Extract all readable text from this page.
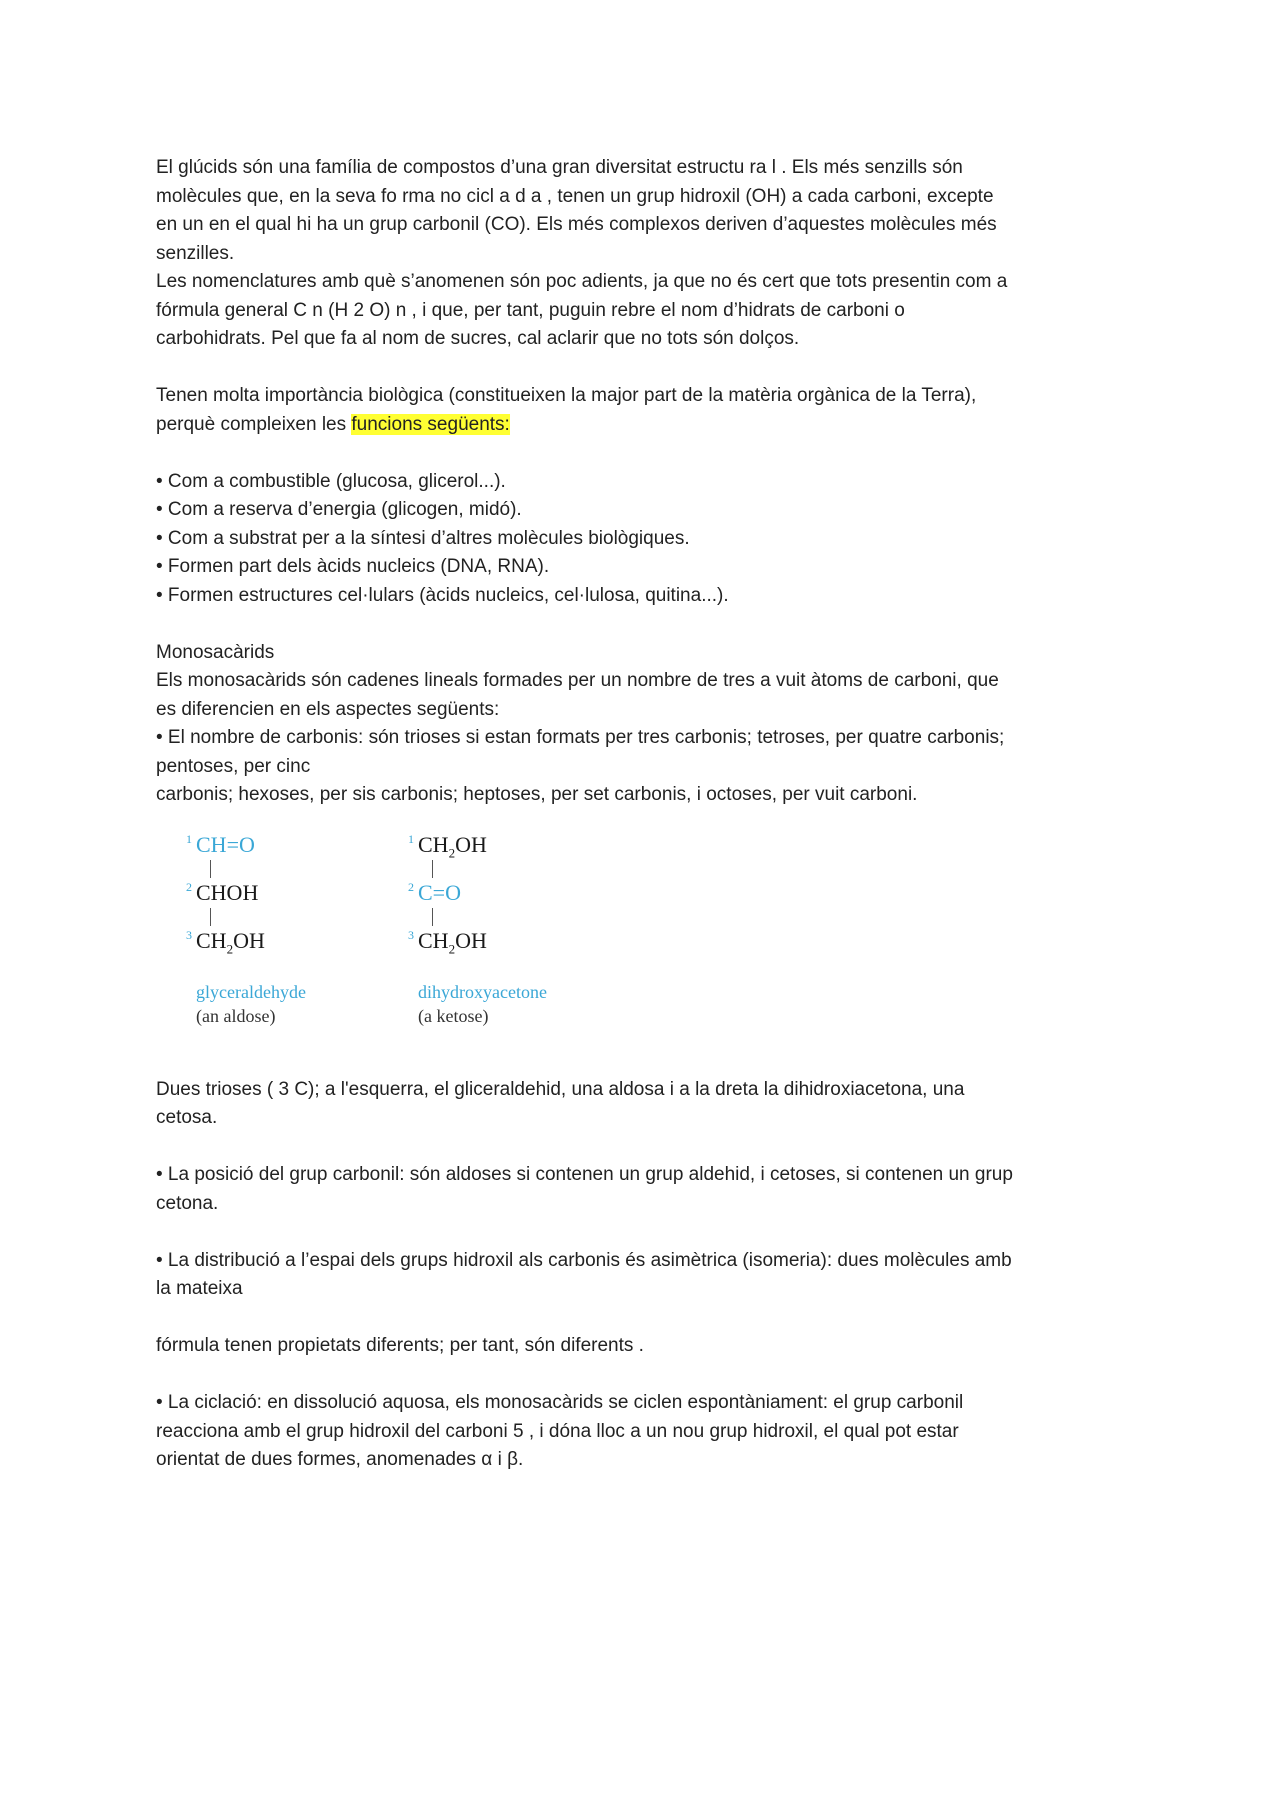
El glúcids són una família de compostos d’una gran diversitat estructu ra l . Els més senzills són

molècules que, en la seva fo rma no cicl a d a , tenen un grup hidroxil (OH) a cada carboni, excepte

en un en el qual hi ha un grup carbonil (CO). Els més complexos deriven d’aquestes molècules més

senzilles.

Les nomenclatures amb què s’anomenen són poc adients, ja que no és cert que tots presentin com a

fórmula general C n (H 2 O) n , i que, per tant, puguin rebre el nom d’hidrats de carboni o

carbohidrats. Pel que fa al nom de sucres, cal aclarir que no tots són dolços.

Tenen molta importància biològica (constitueixen la major part de la matèria orgànica de la Terra),

perquè compleixen les funcions següents:

• Com a combustible (glucosa, glicerol...).

• Com a reserva d’energia (glicogen, midó).

• Com a substrat per a la síntesi d’altres molècules biològiques.

• Formen part dels àcids nucleics (DNA, RNA).

• Formen estructures cel·lulars (àcids nucleics, cel·lulosa, quitina...).

Monosacàrids

Els monosacàrids són cadenes lineals formades per un nombre de tres a vuit àtoms de carboni, que

es diferencien en els aspectes següents:

• El nombre de carbonis: són trioses si estan formats per tres carbonis; tetroses, per quatre carbonis;

pentoses, per cinc

carbonis; hexoses, per sis carbonis; heptoses, per set carbonis, i octoses, per vuit carboni.

1 CH=O
2 CHOH
3 $CH_2OH$
glyceraldehyde
(an aldose)
1 $CH_2OH$
2 C=O
3 $CH_2OH$
dihydroxyacetone
(a ketose)

Dues trioses ( 3 C); a l'esquerra, el gliceraldehid, una aldosa i a la dreta la dihidroxiacetona, una

cetosa.

• La posició del grup carbonil: són aldoses si contenen un grup aldehid, i cetoses, si contenen un grup

cetona.

• La distribució a l’espai dels grups hidroxil als carbonis és asimètrica (isomeria): dues molècules amb

la mateixa

fórmula tenen propietats diferents; per tant, són diferents .

• La ciclació: en dissolució aquosa, els monosacàrids se ciclen espontàniament: el grup carbonil

reacciona amb el grup hidroxil del carboni 5 , i dóna lloc a un nou grup hidroxil, el qual pot estar

orientat de dues formes, anomenades α i β.
